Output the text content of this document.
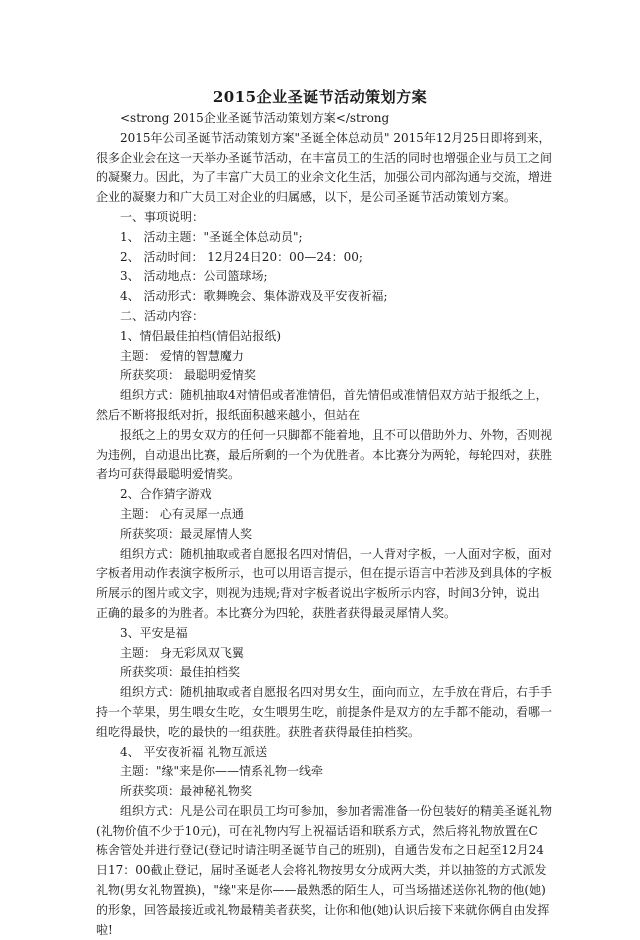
2015企业圣诞节活动策划方案
<strong 2015企业圣诞节活动策划方案</strong
2015年公司圣诞节活动策划方案"圣诞全体总动员" 2015年12月25日即将到来，
很多企业会在这一天举办圣诞节活动，在丰富员工的生活的同时也增强企业与员工之间
的凝聚力。因此，为了丰富广大员工的业余文化生活，加强公司内部沟通与交流，增进
企业的凝聚力和广大员工对企业的归属感，以下，是公司圣诞节活动策划方案。
一、事项说明：
1、 活动主题："圣诞全体总动员";
2、 活动时间： 12月24日20：00—24：00;
3、 活动地点：公司篮球场;
4、 活动形式：歌舞晚会、集体游戏及平安夜祈福;
二、活动内容：
1、情侣最佳拍档(情侣站报纸)
主题： 爱情的智慧魔力
所获奖项： 最聪明爱情奖
组织方式：随机抽取4对情侣或者准情侣，首先情侣或准情侣双方站于报纸之上，
然后不断将报纸对折，报纸面积越来越小，但站在
报纸之上的男女双方的任何一只脚都不能着地，且不可以借助外力、外物，否则视
为违例，自动退出比赛，最后所剩的一个为优胜者。本比赛分为两轮，每轮四对，获胜
者均可获得最聪明爱情奖。
2、合作猜字游戏
主题： 心有灵犀一点通
所获奖项：最灵犀情人奖
组织方式：随机抽取或者自愿报名四对情侣，一人背对字板，一人面对字板，面对
字板者用动作表演字板所示，也可以用语言提示，但在提示语言中若涉及到具体的字板
所展示的图片或文字，则视为违规;背对字板者说出字板所示内容，时间3分钟，说出
正确的最多的为胜者。本比赛分为四轮，获胜者获得最灵犀情人奖。
3、平安是福
主题： 身无彩凤双飞翼
所获奖项：最佳拍档奖
组织方式：随机抽取或者自愿报名四对男女生，面向而立，左手放在背后，右手手
持一个苹果，男生喂女生吃，女生喂男生吃，前提条件是双方的左手都不能动，看哪一
组吃得最快，吃的最快的一组获胜。获胜者获得最佳拍档奖。
4、 平安夜祈福 礼物互派送
主题："缘"来是你——情系礼物一线牵
所获奖项：最神秘礼物奖
组织方式：凡是公司在职员工均可参加，参加者需准备一份包装好的精美圣诞礼物
(礼物价值不少于10元)，可在礼物内写上祝福话语和联系方式，然后将礼物放置在C
栋舍管处并进行登记(登记时请注明圣诞节自己的班别)，自通告发布之日起至12月24
日17：00截止登记，届时圣诞老人会将礼物按男女分成两大类，并以抽签的方式派发
礼物(男女礼物置换)，"缘"来是你——最熟悉的陌生人，可当场描述送你礼物的他(她)
的形象，回答最接近或礼物最精美者获奖，让你和他(她)认识后接下来就你俩自由发挥
啦!
